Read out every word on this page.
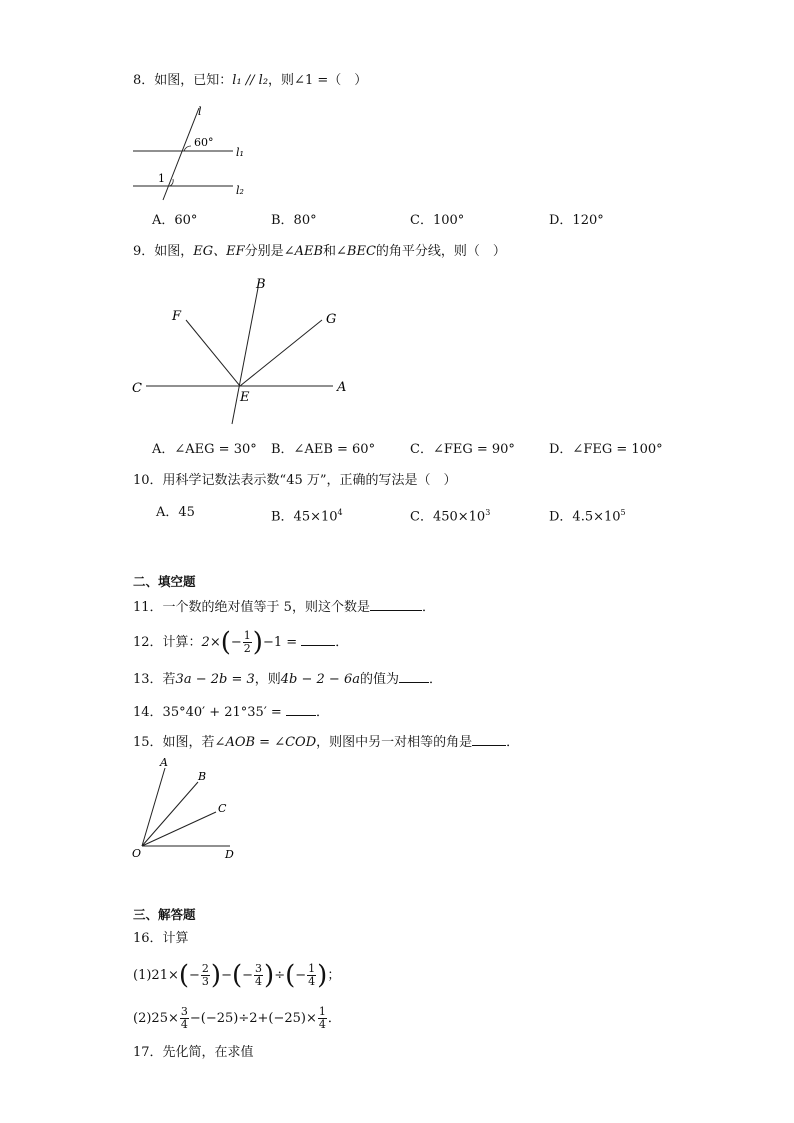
8．如图，已知：l₁ // l₂，则∠1 =（　）
l
60°
l₁
1
l₂
A．60°	B．80°	C．100°	D．120°
9．如图，EG、EF分别是∠AEB和∠BEC的角平分线，则（　）
B
F	G
C	A
E
A．∠AEG = 30° B．∠AEB = 60°	C．∠FEG = 90°	D．∠FEG = 100°
10．用科学记数法表示数“45 万”，正确的写法是（　）
A．45	B．$45\times 10^4$	C．$450\times 10^3$	D．$4.5\times 10^5$
二、填空题
11．一个数的绝对值等于 5，则这个数是	．
12．计算：$2\times(- \frac{1}{2} )-1$ =	．
13．若3a − 2b = 3，则4b − 2 − 6a的值为 ．
14．35°40′ + 21°35′ =	．
15．如图，若∠AOB = ∠COD，则图中另一对相等的角是	．
A
B
C
O	D
三、解答题
16．计算
$(1)21\times(- \frac{2}{3}$ )−(− $\frac{3}{4}$ )÷(− $\frac{1}{4}$ )；
$(2)25\times \frac{3}{4} -(-25)\div 2+(-25)\times \frac{1}{4}$ ．
17．先化简，在求值
